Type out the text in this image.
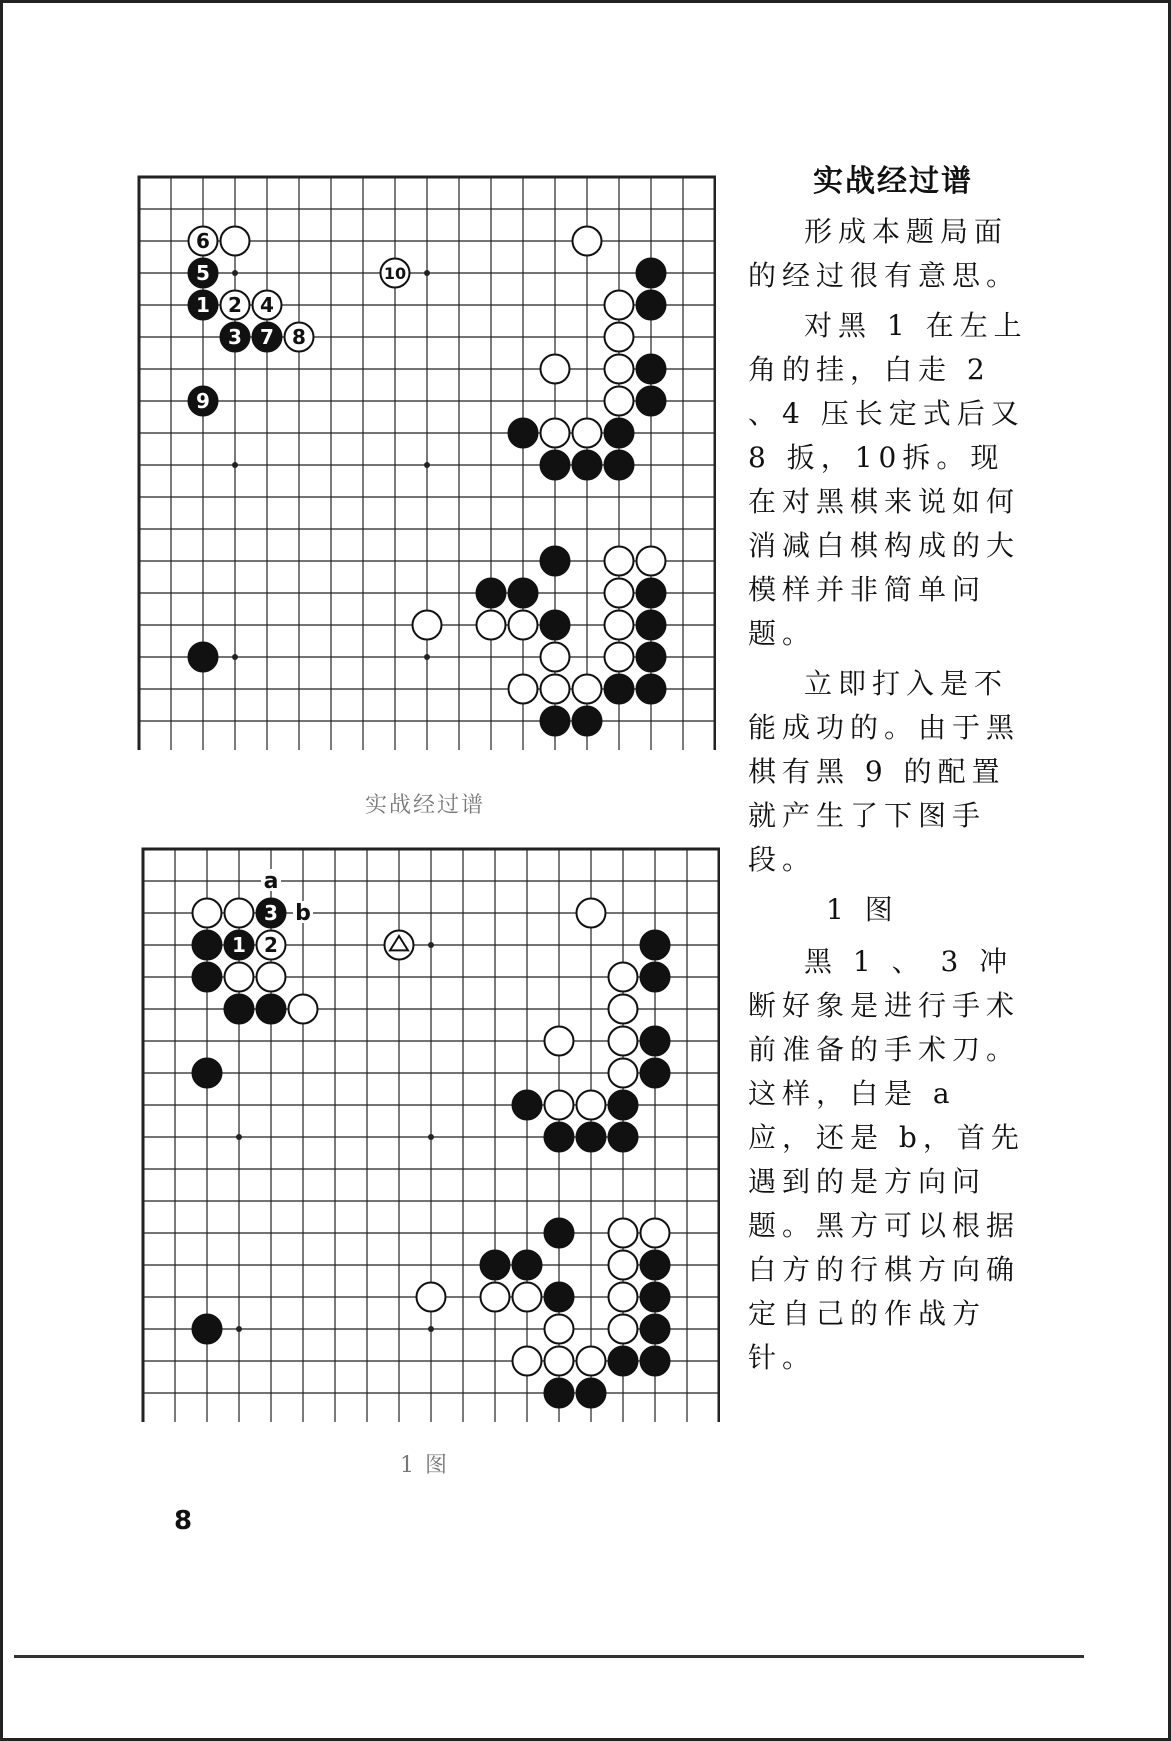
6
5
1 2 4
3 7 8
9
10
实战经过谱
a
b
3
1 2
1 图
实战经过谱

形成本题局面的经过很有意思。

对黑 1 在左上角的挂，白走 2 、4 压长定式后又 8 扳，10拆。现在对黑棋来说如何消减白棋构成的大模样并非简单问题。

立即打入是不能成功的。由于黑棋有黑 9 的配置就产生了下图手段。

1 图

黑 1 、 3 冲断好象是进行手术前准备的手术刀。这样，白是 a 应，还是 b，首先遇到的是方向问题。黑方可以根据白方的行棋方向确定自己的作战方针。

8
